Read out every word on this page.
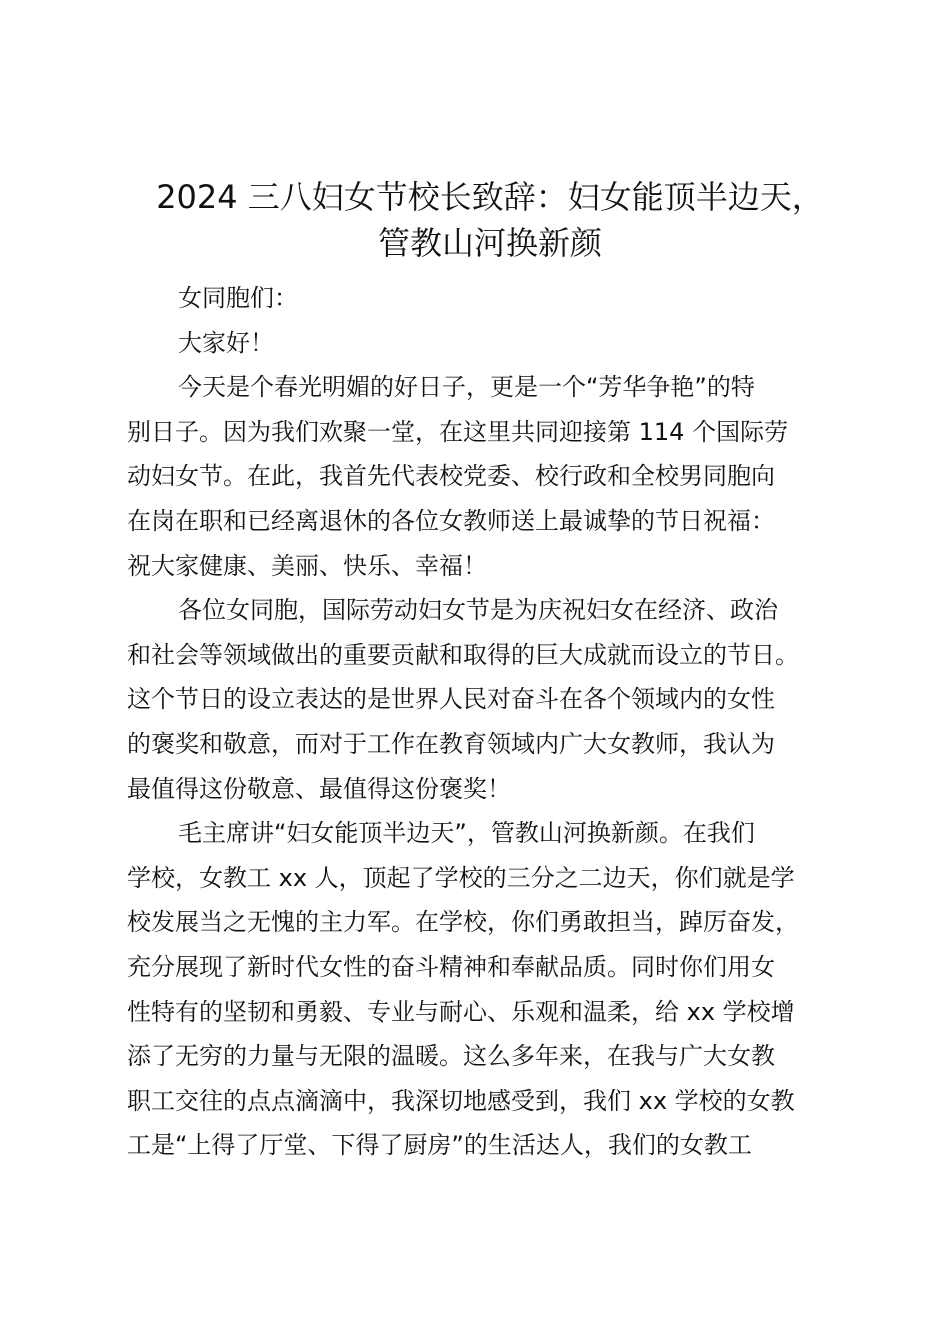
2024 三八妇女节校长致辞：妇女能顶半边天，
管教山河换新颜
女同胞们：
大家好！
今天是个春光明媚的好日子，更是一个“芳华争艳”的特
别日子。因为我们欢聚一堂，在这里共同迎接第 114 个国际劳
动妇女节。在此，我首先代表校党委、校行政和全校男同胞向
在岗在职和已经离退休的各位女教师送上最诚挚的节日祝福：
祝大家健康、美丽、快乐、幸福！
各位女同胞，国际劳动妇女节是为庆祝妇女在经济、政治
和社会等领域做出的重要贡献和取得的巨大成就而设立的节日。
这个节日的设立表达的是世界人民对奋斗在各个领域内的女性
的褒奖和敬意，而对于工作在教育领域内广大女教师，我认为
最值得这份敬意、最值得这份褒奖！
毛主席讲“妇女能顶半边天”，管教山河换新颜。在我们
学校，女教工 xx 人，顶起了学校的三分之二边天，你们就是学
校发展当之无愧的主力军。在学校，你们勇敢担当，踔厉奋发，
充分展现了新时代女性的奋斗精神和奉献品质。同时你们用女
性特有的坚韧和勇毅、专业与耐心、乐观和温柔，给 xx 学校增
添了无穷的力量与无限的温暖。这么多年来，在我与广大女教
职工交往的点点滴滴中，我深切地感受到，我们 xx 学校的女教
工是“上得了厅堂、下得了厨房”的生活达人，我们的女教工
